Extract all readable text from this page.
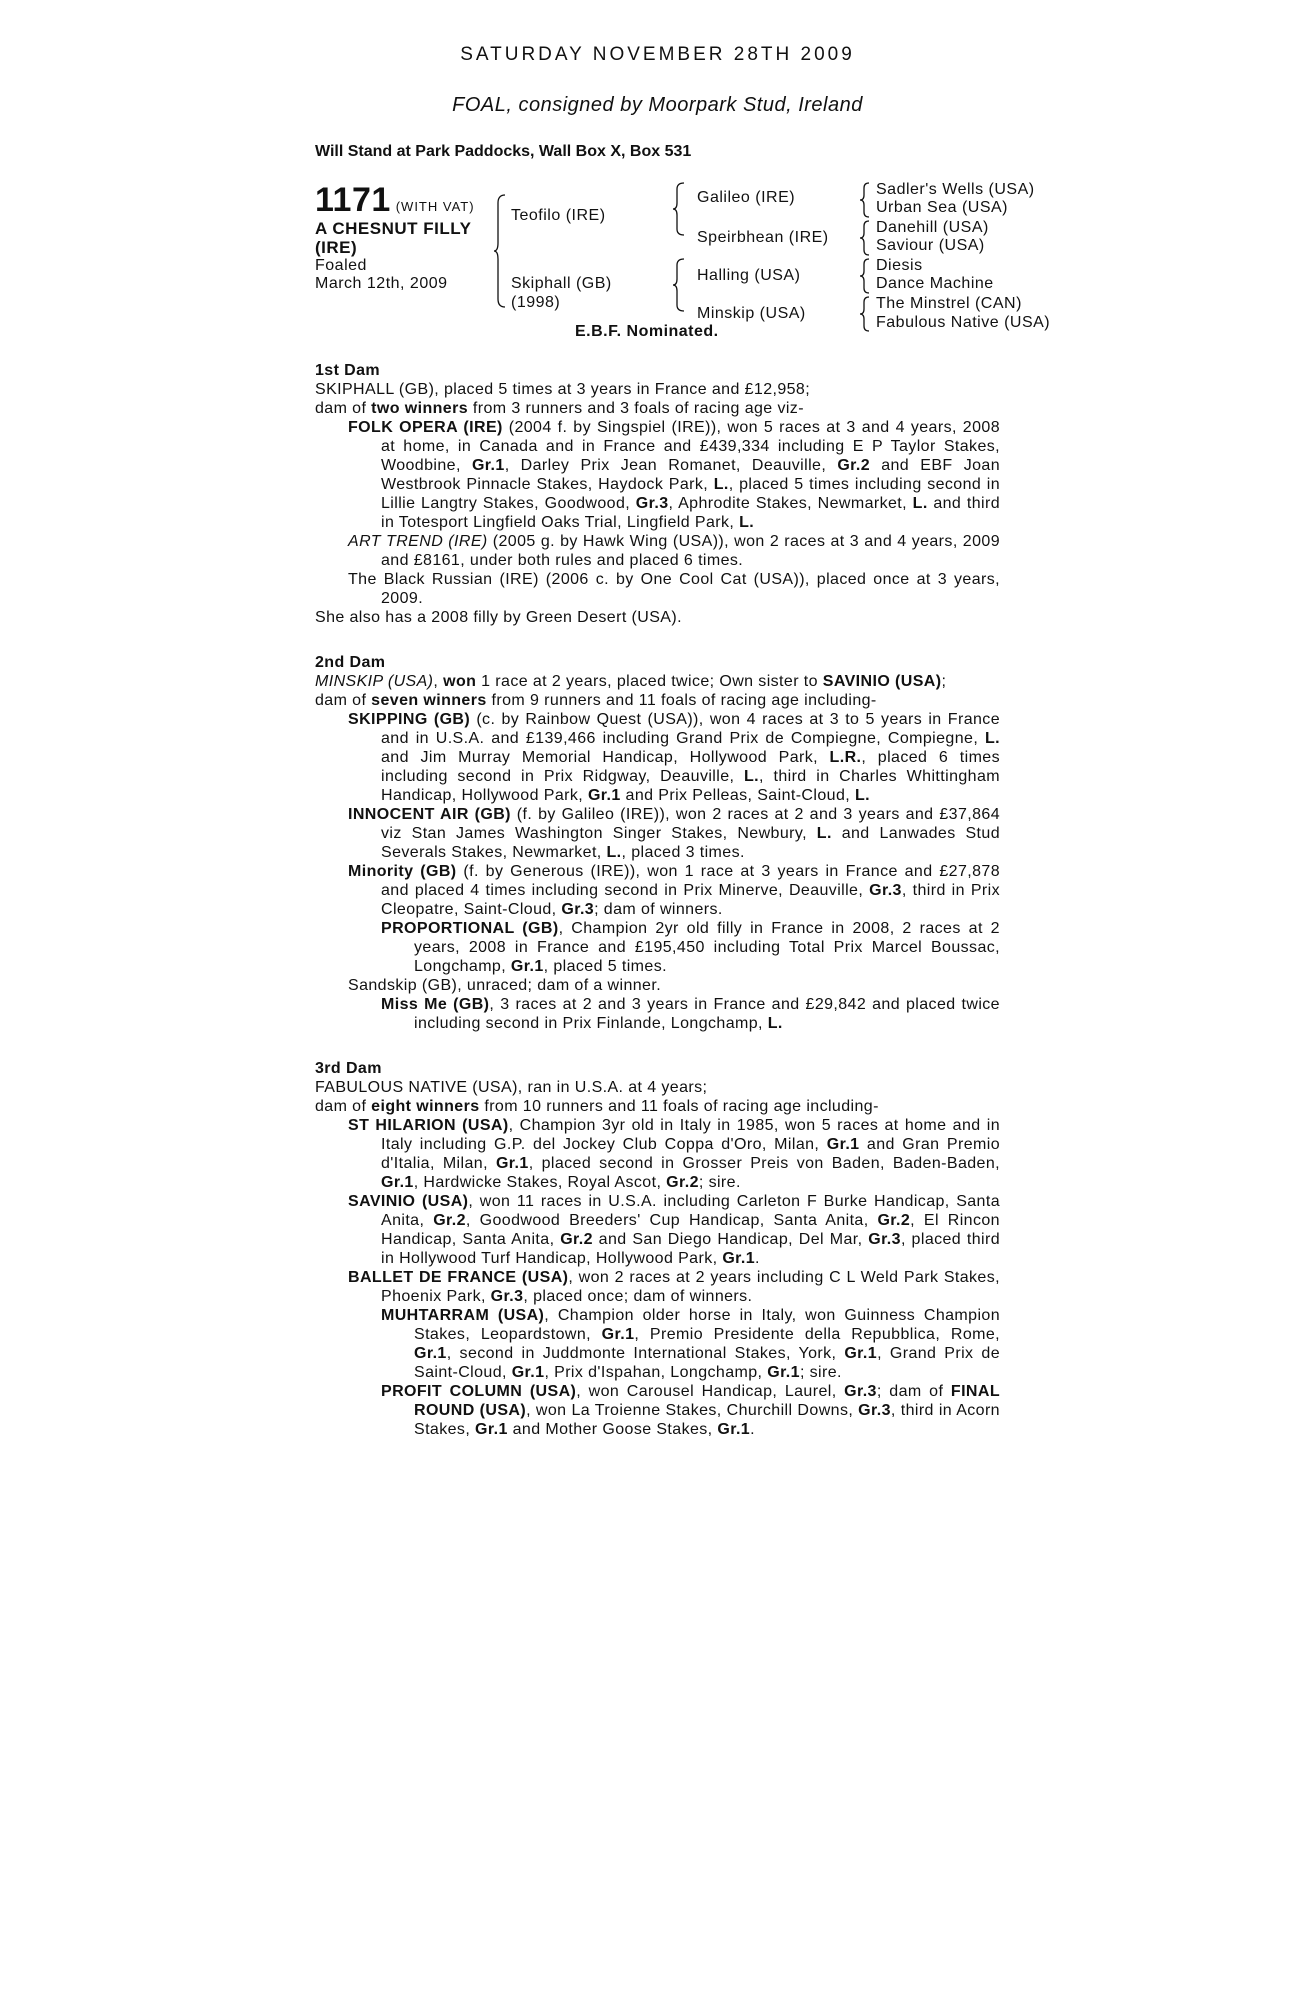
SATURDAY NOVEMBER 28TH 2009
FOAL, consigned by Moorpark Stud, Ireland
Will Stand at Park Paddocks, Wall Box X, Box 531
1171 (WITH VAT)
A CHESNUT FILLY
(IRE)
Foaled
March 12th, 2009
Teofilo (IRE)
Skiphall (GB)
(1998)
Galileo (IRE)
Speirbhean (IRE)
Halling (USA)
Minskip (USA)
Sadler's Wells (USA)
Urban Sea (USA)
Danehill (USA)
Saviour (USA)
Diesis
Dance Machine
The Minstrel (CAN)
Fabulous Native (USA)
E.B.F. Nominated.
1st Dam
SKIPHALL (GB), placed 5 times at 3 years in France and £12,958;
dam of two winners from 3 runners and 3 foals of racing age viz-
FOLK OPERA (IRE) (2004 f. by Singspiel (IRE)), won 5 races at 3 and 4 years, 2008 at home, in Canada and in France and £439,334 including E P Taylor Stakes, Woodbine, Gr.1, Darley Prix Jean Romanet, Deauville, Gr.2 and EBF Joan Westbrook Pinnacle Stakes, Haydock Park, L., placed 5 times including second in Lillie Langtry Stakes, Goodwood, Gr.3, Aphrodite Stakes, Newmarket, L. and third in Totesport Lingfield Oaks Trial, Lingfield Park, L.
ART TREND (IRE) (2005 g. by Hawk Wing (USA)), won 2 races at 3 and 4 years, 2009 and £8161, under both rules and placed 6 times.
The Black Russian (IRE) (2006 c. by One Cool Cat (USA)), placed once at 3 years, 2009.
She also has a 2008 filly by Green Desert (USA).
2nd Dam
MINSKIP (USA), won 1 race at 2 years, placed twice; Own sister to SAVINIO (USA);
dam of seven winners from 9 runners and 11 foals of racing age including-
SKIPPING (GB) (c. by Rainbow Quest (USA)), won 4 races at 3 to 5 years in France and in U.S.A. and £139,466 including Grand Prix de Compiegne, Compiegne, L. and Jim Murray Memorial Handicap, Hollywood Park, L.R., placed 6 times including second in Prix Ridgway, Deauville, L., third in Charles Whittingham Handicap, Hollywood Park, Gr.1 and Prix Pelleas, Saint-Cloud, L.
INNOCENT AIR (GB) (f. by Galileo (IRE)), won 2 races at 2 and 3 years and £37,864 viz Stan James Washington Singer Stakes, Newbury, L. and Lanwades Stud Severals Stakes, Newmarket, L., placed 3 times.
Minority (GB) (f. by Generous (IRE)), won 1 race at 3 years in France and £27,878 and placed 4 times including second in Prix Minerve, Deauville, Gr.3, third in Prix Cleopatre, Saint-Cloud, Gr.3; dam of winners.
PROPORTIONAL (GB), Champion 2yr old filly in France in 2008, 2 races at 2 years, 2008 in France and £195,450 including Total Prix Marcel Boussac, Longchamp, Gr.1, placed 5 times.
Sandskip (GB), unraced; dam of a winner.
Miss Me (GB), 3 races at 2 and 3 years in France and £29,842 and placed twice including second in Prix Finlande, Longchamp, L.
3rd Dam
FABULOUS NATIVE (USA), ran in U.S.A. at 4 years;
dam of eight winners from 10 runners and 11 foals of racing age including-
ST HILARION (USA), Champion 3yr old in Italy in 1985, won 5 races at home and in Italy including G.P. del Jockey Club Coppa d'Oro, Milan, Gr.1 and Gran Premio d'Italia, Milan, Gr.1, placed second in Grosser Preis von Baden, Baden-Baden, Gr.1, Hardwicke Stakes, Royal Ascot, Gr.2; sire.
SAVINIO (USA), won 11 races in U.S.A. including Carleton F Burke Handicap, Santa Anita, Gr.2, Goodwood Breeders' Cup Handicap, Santa Anita, Gr.2, El Rincon Handicap, Santa Anita, Gr.2 and San Diego Handicap, Del Mar, Gr.3, placed third in Hollywood Turf Handicap, Hollywood Park, Gr.1.
BALLET DE FRANCE (USA), won 2 races at 2 years including C L Weld Park Stakes, Phoenix Park, Gr.3, placed once; dam of winners.
MUHTARRAM (USA), Champion older horse in Italy, won Guinness Champion Stakes, Leopardstown, Gr.1, Premio Presidente della Repubblica, Rome, Gr.1, second in Juddmonte International Stakes, York, Gr.1, Grand Prix de Saint-Cloud, Gr.1, Prix d'Ispahan, Longchamp, Gr.1; sire.
PROFIT COLUMN (USA), won Carousel Handicap, Laurel, Gr.3; dam of FINAL ROUND (USA), won La Troienne Stakes, Churchill Downs, Gr.3, third in Acorn Stakes, Gr.1 and Mother Goose Stakes, Gr.1.
